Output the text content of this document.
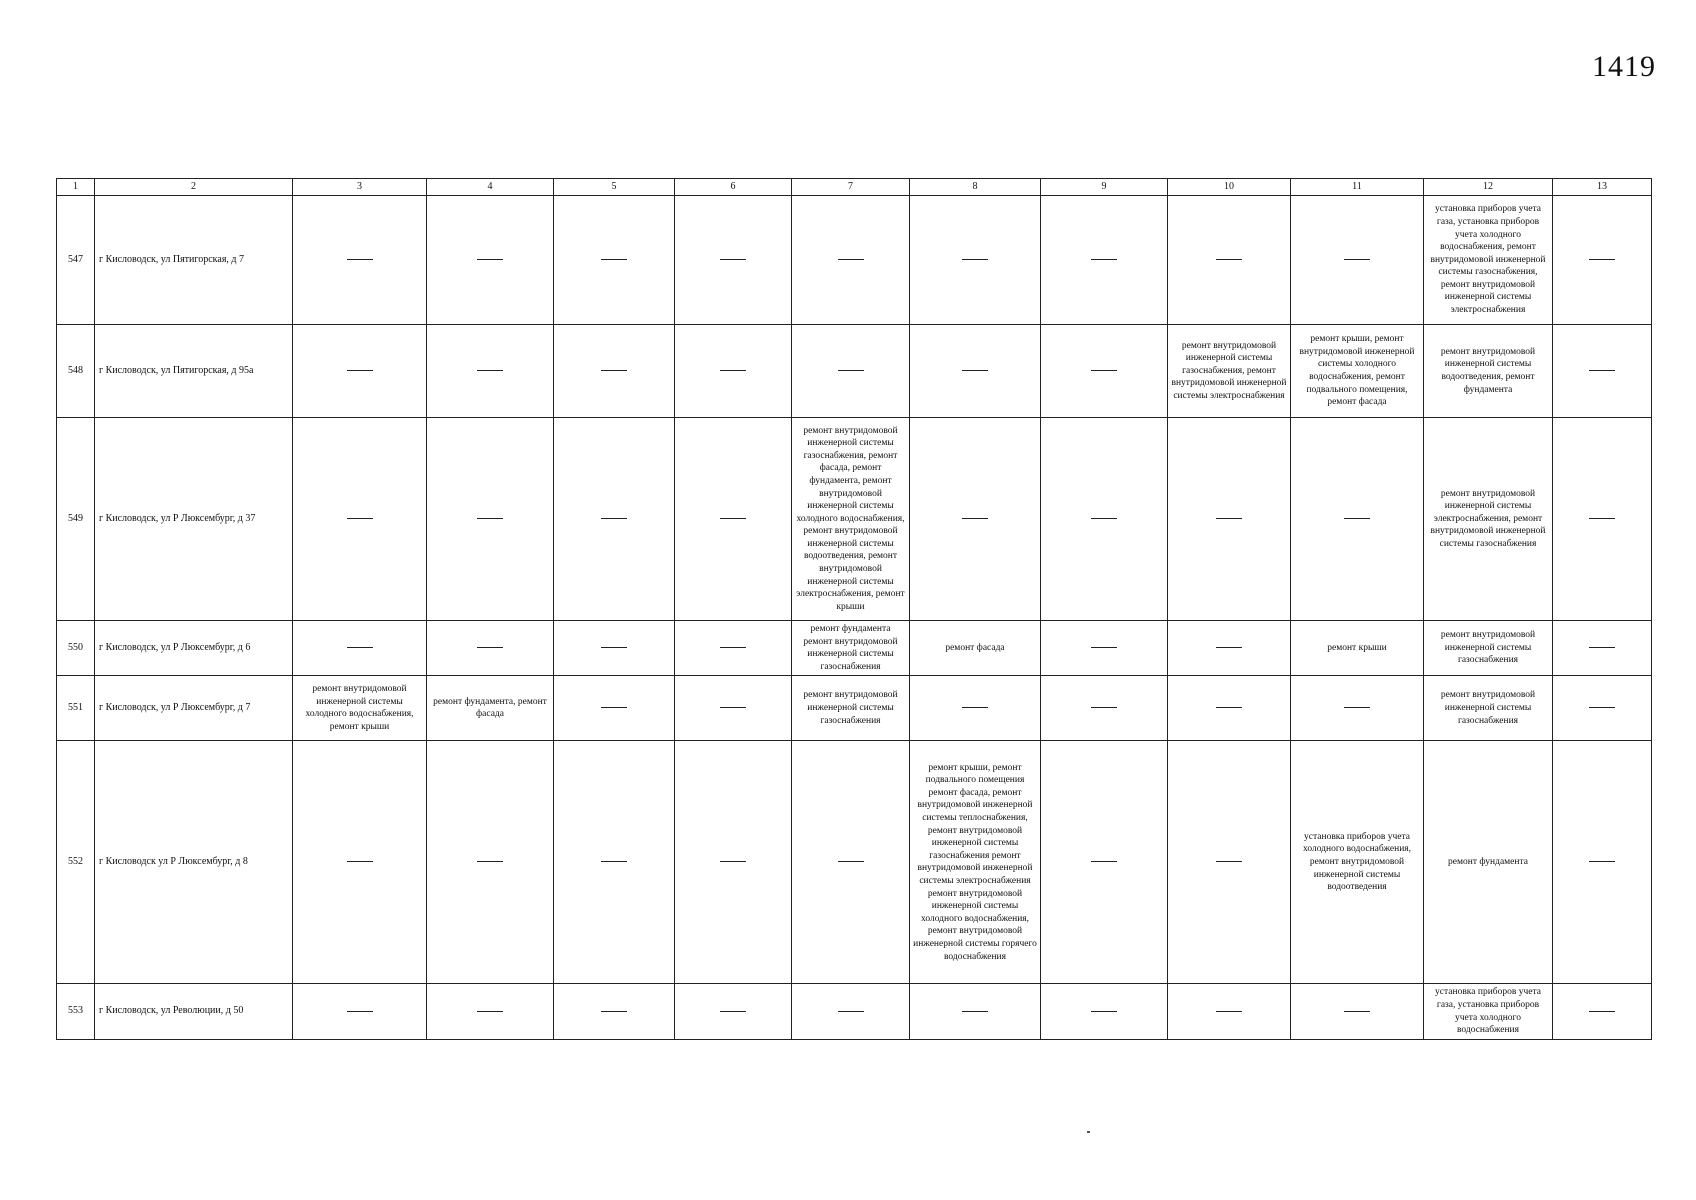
1419
1	2	3	4	5	6	7	8	9	10	11	12	13
547	г Кисловодск, ул Пятигорская, д 7										установка приборов учета газа, установка приборов учета холодного водоснабжения, ремонт внутридомовой инженерной системы газоснабжения, ремонт внутридомовой инженерной системы электроснабжения	
548	г Кисловодск, ул Пятигорская, д 95а								ремонт внутридомовой инженерной системы газоснабжения, ремонт внутридомовой инженерной системы электроснабжения	ремонт крыши, ремонт внутридомовой инженерной системы холодного водоснабжения, ремонт подвального помещения, ремонт фасада	ремонт внутридомовой инженерной системы водоотведения, ремонт фундамента	
549	г Кисловодск, ул Р Люксембург, д 37					ремонт внутридомовой инженерной системы газоснабжения, ремонт фасада, ремонт фундамента, ремонт внутридомовой инженерной системы холодного водоснабжения, ремонт внутридомовой инженерной системы водоотведения, ремонт внутридомовой инженерной системы электроснабжения, ремонт крыши					ремонт внутридомовой инженерной системы электроснабжения, ремонт внутридомовой инженерной системы газоснабжения	
550	г Кисловодск, ул Р Люксембург, д 6					ремонт фундамента ремонт внутридомовой инженерной системы газоснабжения	ремонт фасада			ремонт крыши	ремонт внутридомовой инженерной системы газоснабжения	
551	г Кисловодск, ул Р Люксембург, д 7	ремонт внутридомовой инженерной системы холодного водоснабжения, ремонт крыши	ремонт фундамента, ремонт фасада			ремонт внутридомовой инженерной системы газоснабжения					ремонт внутридомовой инженерной системы газоснабжения	
552	г Кисловодск ул Р Люксембург, д 8						ремонт крыши, ремонт подвального помещения ремонт фасада, ремонт внутридомовой инженерной системы теплоснабжения, ремонт внутридомовой инженерной системы газоснабжения ремонт внутридомовой инженерной системы электроснабжения ремонт внутридомовой инженерной системы холодного водоснабжения, ремонт внутридомовой инженерной системы горячего водоснабжения			установка приборов учета холодного водоснабжения, ремонт внутридомовой инженерной системы водоотведения	ремонт фундамента	
553	г Кисловодск, ул Революции, д 50										установка приборов учета газа, установка приборов учета холодного водоснабжения	
